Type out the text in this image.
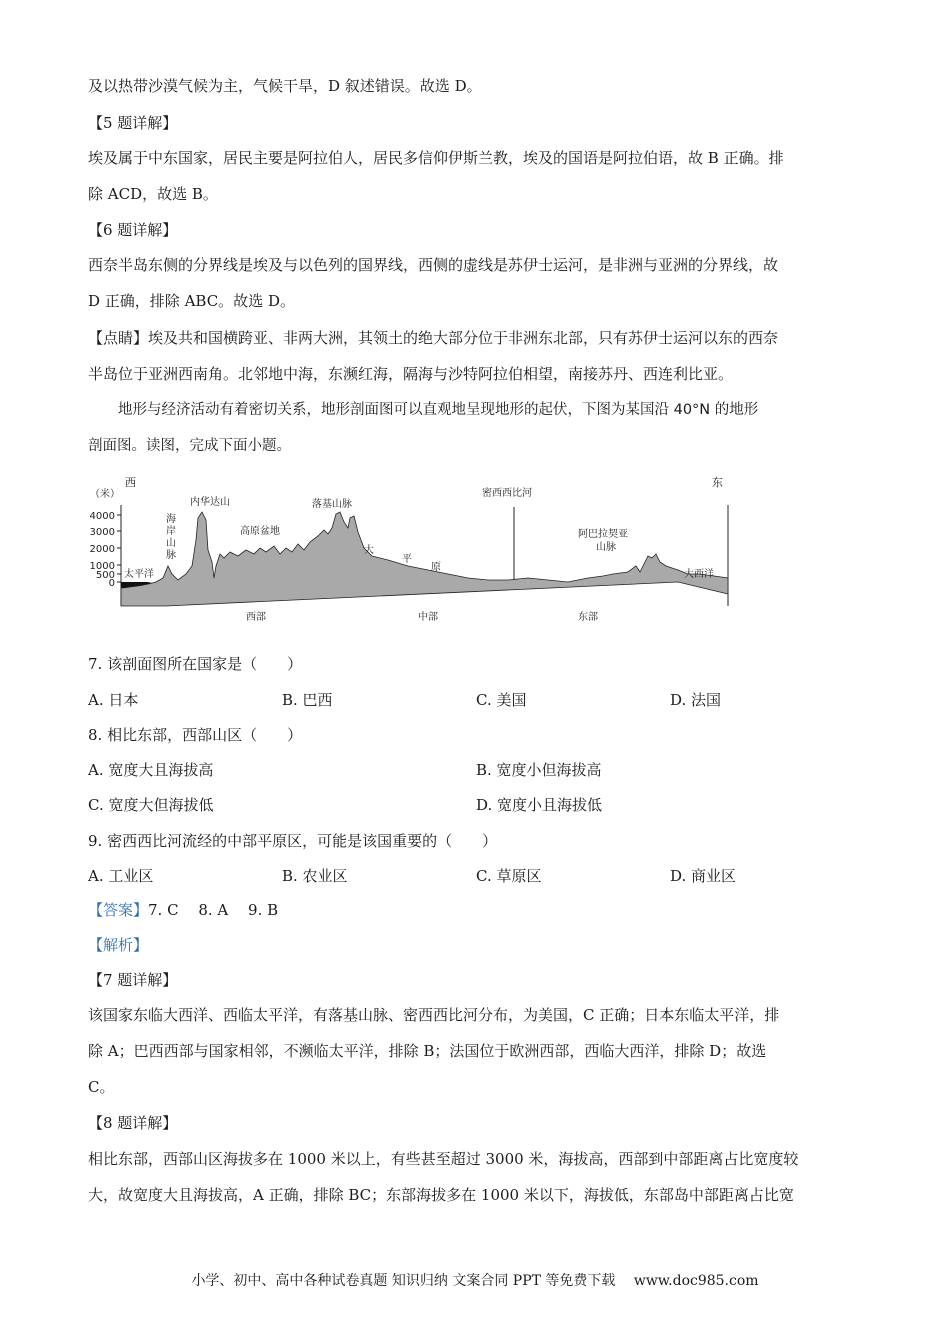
及以热带沙漠气候为主，气候干旱，D 叙述错误。故选 D。
【5 题详解】
埃及属于中东国家，居民主要是阿拉伯人，居民多信仰伊斯兰教，埃及的国语是阿拉伯语，故 B 正确。排
除 ACD，故选 B。
【6 题详解】
西奈半岛东侧的分界线是埃及与以色列的国界线，西侧的虚线是苏伊士运河，是非洲与亚洲的分界线，故
D 正确，排除 ABC。故选 D。
【点睛】埃及共和国横跨亚、非两大洲，其领土的绝大部分位于非洲东北部，只有苏伊士运河以东的西奈
半岛位于亚洲西南角。北邻地中海，东濒红海，隔海与沙特阿拉伯相望，南接苏丹、西连利比亚。
地形与经济活动有着密切关系，地形剖面图可以直观地呈现地形的起伏，下图为某国沿 40°N 的地形
剖面图。读图，完成下面小题。
西	东
（米）
4000
3000
2000
1000
500
0
太平洋	大西洋
海
岸
山
脉
内华达山
高原盆地
落基山脉
大
平
原
密西西比河
阿巴拉契亚
山脉
西部	中部	东部
7. 该剖面图所在国家是（　　）
A. 日本	B. 巴西	C. 美国	D. 法国
8. 相比东部，西部山区（　　）
A. 宽度大且海拔高	B. 宽度小但海拔高
C. 宽度大但海拔低	D. 宽度小且海拔低
9. 密西西比河流经的中部平原区，可能是该国重要的（　　）
A. 工业区	B. 农业区	C. 草原区	D. 商业区
【答案】7. C　 8. A　 9. B
【解析】
【7 题详解】
该国家东临大西洋、西临太平洋，有落基山脉、密西西比河分布，为美国，C 正确；日本东临太平洋，排
除 A；巴西西部与国家相邻，不濒临太平洋，排除 B；法国位于欧洲西部，西临大西洋，排除 D；故选
C。
【8 题详解】
相比东部，西部山区海拔多在 1000 米以上，有些甚至超过 3000 米，海拔高，西部到中部距离占比宽度较
大，故宽度大且海拔高，A 正确，排除 BC；东部海拔多在 1000 米以下，海拔低，东部岛中部距离占比宽
小学、初中、高中各种试卷真题 知识归纳 文案合同 PPT 等免费下载　 www.doc985.com
